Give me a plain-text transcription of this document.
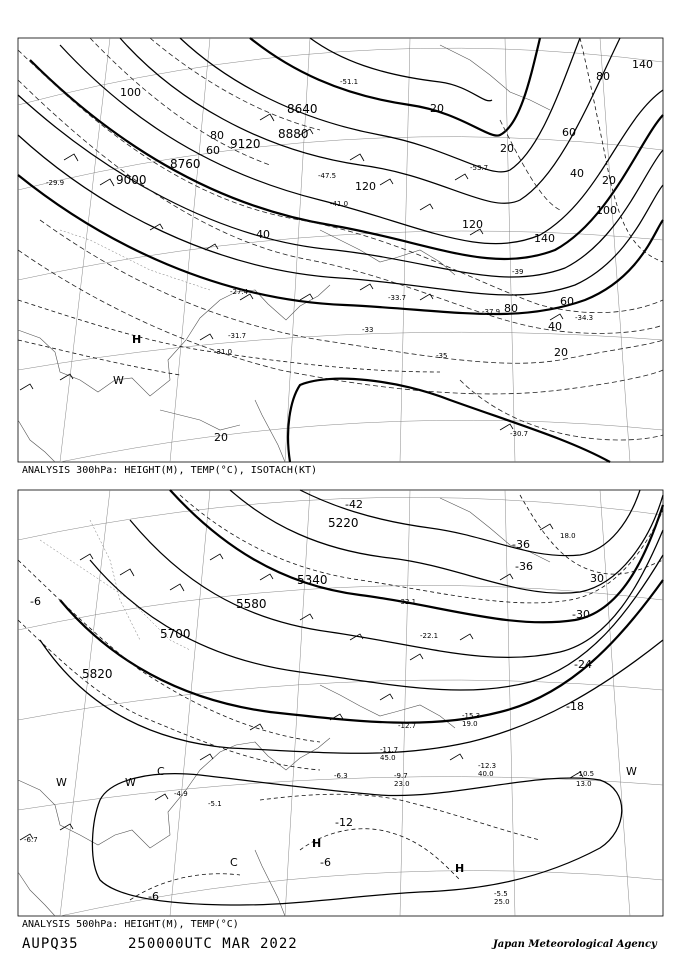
9000
9120
8640
8880
8760
100
80
60
40
20
120
140
80
60
40
20
100
20
120
140
80
60
40
20
20
-29.9
-31.7
-33.7
-37.9
-51.1
-53.7
-41.0
-47.5
-31.0
-27.4
-34.3
-30.7
-33
-35
-39
H
W
ANALYSIS 300hPa: HEIGHT(M), TEMP(°C), ISOTACH(KT)
5820
5700
5580
5340
5220
-42
-36
-30
-24
-18
-12
-6
-6
-6
-36
30
-32.1
-22.1
-15.3
-12.7
-11.7
-9.7
-12.3
-10.5
-5.5
-6.3
-4.9
-5.1
-6.7
13.0
23.0
25.0
40.0
45.0
19.0
18.0
W
C
W
C
H
H
W
ANALYSIS 500hPa: HEIGHT(M), TEMP(°C)
AUPQ35	250000UTC MAR 2022	Japan Meteorological Agency
